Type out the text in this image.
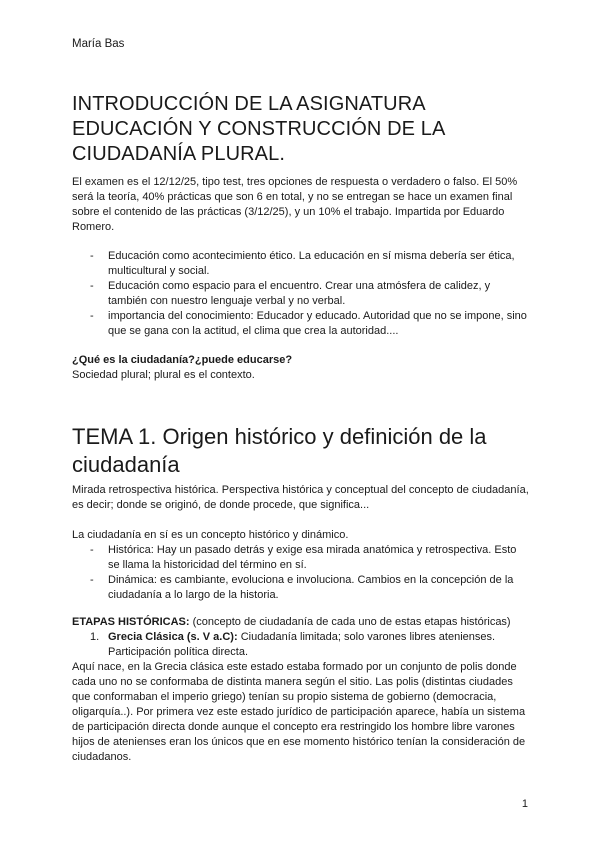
María Bas
INTRODUCCIÓN DE LA ASIGNATURA EDUCACIÓN Y CONSTRUCCIÓN DE LA CIUDADANÍA PLURAL.

El examen es el 12/12/25, tipo test, tres opciones de respuesta o verdadero o falso. El 50% será la teoría, 40% prácticas que son 6 en total, y no se entregan se hace un examen final sobre el contenido de las prácticas (3/12/25), y un 10% el trabajo. Impartida por Eduardo Romero.

- Educación como acontecimiento ético. La educación en sí misma debería ser ética, multicultural y social.
- Educación como espacio para el encuentro. Crear una atmósfera de calidez, y también con nuestro lenguaje verbal y no verbal.
- importancia del conocimiento: Educador y educado. Autoridad que no se impone, sino que se gana con la actitud, el clima que crea la autoridad....

¿Qué es la ciudadanía?¿puede educarse?

Sociedad plural; plural es el contexto.

TEMA 1. Origen histórico y definición de la ciudadanía

Mirada retrospectiva histórica. Perspectiva histórica y conceptual del concepto de ciudadanía, es decir; donde se originó, de donde procede, que significa...

La ciudadanía en sí es un concepto histórico y dinámico.

- Histórica: Hay un pasado detrás y exige esa mirada anatómica y retrospectiva. Esto se llama la historicidad del término en sí.
- Dinámica: es cambiante, evoluciona e involuciona. Cambios en la concepción de la ciudadanía a lo largo de la historia.

ETAPAS HISTÓRICAS: (concepto de ciudadanía de cada uno de estas etapas históricas)

1. Grecia Clásica (s. V a.C): Ciudadanía limitada; solo varones libres atenienses. Participación política directa.

Aquí nace, en la Grecia clásica este estado estaba formado por un conjunto de polis donde cada uno no se conformaba de distinta manera según el sitio. Las polis (distintas ciudades que conformaban el imperio griego) tenían su propio sistema de gobierno (democracia, oligarquía..). Por primera vez este estado jurídico de participación aparece, había un sistema de participación directa donde aunque el concepto era restringido los hombre libre varones hijos de atenienses eran los únicos que en ese momento histórico tenían la consideración de ciudadanos.

1
